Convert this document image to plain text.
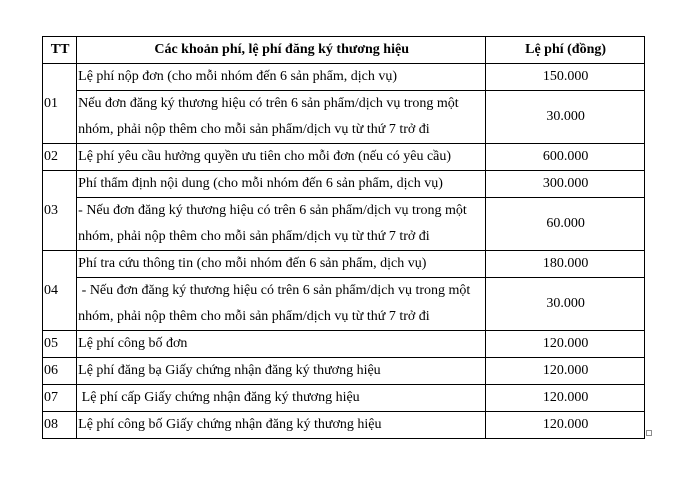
TT	Các khoản phí, lệ phí đăng ký thương hiệu	Lệ phí (đồng)
01	Lệ phí nộp đơn (cho mỗi nhóm đến 6 sản phẩm, dịch vụ)	150.000

	Nếu đơn đăng ký thương hiệu có trên 6 sản phẩm/dịch vụ trong một
nhóm, phải nộp thêm cho mỗi sản phẩm/dịch vụ từ thứ 7 trở đi	30.000
02	Lệ phí yêu cầu hưởng quyền ưu tiên cho mỗi đơn (nếu có yêu cầu)	600.000
03	Phí thẩm định nội dung (cho mỗi nhóm đến 6 sản phẩm, dịch vụ)	300.000

	- Nếu đơn đăng ký thương hiệu có trên 6 sản phẩm/dịch vụ trong một
nhóm, phải nộp thêm cho mỗi sản phẩm/dịch vụ từ thứ 7 trở đi	60.000
04	Phí tra cứu thông tin (cho mỗi nhóm đến 6 sản phẩm, dịch vụ)	180.000

	- Nếu đơn đăng ký thương hiệu có trên 6 sản phẩm/dịch vụ trong một
nhóm, phải nộp thêm cho mỗi sản phẩm/dịch vụ từ thứ 7 trở đi	30.000
05	Lệ phí công bố đơn	120.000
06	Lệ phí đăng bạ Giấy chứng nhận đăng ký thương hiệu	120.000
07	Lệ phí cấp Giấy chứng nhận đăng ký thương hiệu	120.000
08	Lệ phí công bố Giấy chứng nhận đăng ký thương hiệu	120.000
